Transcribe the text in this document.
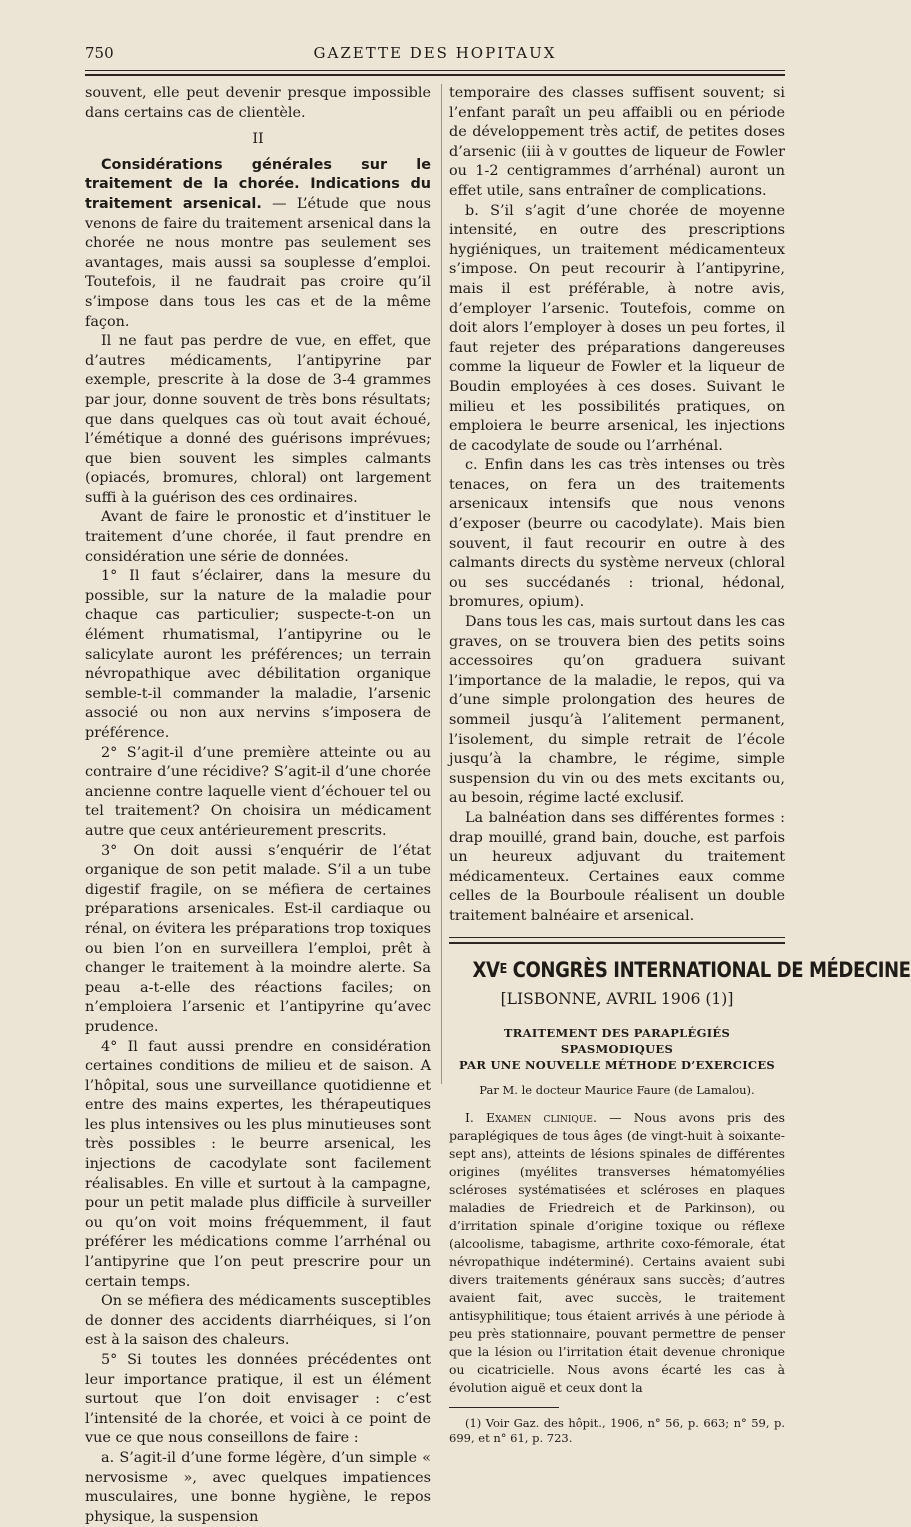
750	GAZETTE DES HOPITAUX

souvent, elle peut devenir presque impossible dans certains cas de clientèle.

II

Considérations générales sur le traitement de la chorée. Indications du traitement arsenical. — L’étude que nous venons de faire du traitement arsenical dans la chorée ne nous montre pas seulement ses avantages, mais aussi sa souplesse d’emploi. Toutefois, il ne faudrait pas croire qu’il s’impose dans tous les cas et de la même façon.

Il ne faut pas perdre de vue, en effet, que d’autres médicaments, l’antipyrine par exemple, prescrite à la dose de 3-4 grammes par jour, donne souvent de très bons résultats; que dans quelques cas où tout avait échoué, l’émétique a donné des guérisons imprévues; que bien souvent les simples calmants (opiacés, bromures, chloral) ont largement suffi à la guérison des ces ordinaires.

Avant de faire le pronostic et d’instituer le traitement d’une chorée, il faut prendre en considération une série de données.

1° Il faut s’éclairer, dans la mesure du possible, sur la nature de la maladie pour chaque cas particulier; suspecte-t-on un élément rhumatismal, l’antipyrine ou le salicylate auront les préférences; un terrain névropathique avec débilitation organique semble-t-il commander la maladie, l’arsenic associé ou non aux nervins s’imposera de préférence.

2° S’agit-il d’une première atteinte ou au contraire d’une récidive? S’agit-il d’une chorée ancienne contre laquelle vient d’échouer tel ou tel traitement? On choisira un médicament autre que ceux antérieurement prescrits.

3° On doit aussi s’enquérir de l’état organique de son petit malade. S’il a un tube digestif fragile, on se méfiera de certaines préparations arsenicales. Est-il cardiaque ou rénal, on évitera les préparations trop toxiques ou bien l’on en surveillera l’emploi, prêt à changer le traitement à la moindre alerte. Sa peau a-t-elle des réactions faciles; on n’emploiera l’arsenic et l’antipyrine qu’avec prudence.

4° Il faut aussi prendre en considération certaines conditions de milieu et de saison. A l’hôpital, sous une surveillance quotidienne et entre des mains expertes, les thérapeutiques les plus intensives ou les plus minutieuses sont très possibles : le beurre arsenical, les injections de cacodylate sont facilement réalisables. En ville et surtout à la campagne, pour un petit malade plus difficile à surveiller ou qu’on voit moins fréquemment, il faut préférer les médications comme l’arrhénal ou l’antipyrine que l’on peut prescrire pour un certain temps.

On se méfiera des médicaments susceptibles de donner des accidents diarrhéiques, si l’on est à la saison des chaleurs.

5° Si toutes les données précédentes ont leur importance pratique, il est un élément surtout que l’on doit envisager : c’est l’intensité de la chorée, et voici à ce point de vue ce que nous conseillons de faire :

a. S’agit-il d’une forme légère, d’un simple « nervosisme », avec quelques impatiences musculaires, une bonne hygiène, le repos physique, la suspension

temporaire des classes suffisent souvent; si l’enfant paraît un peu affaibli ou en période de développement très actif, de petites doses d’arsenic (iii à v gouttes de liqueur de Fowler ou 1-2 centigrammes d’arrhénal) auront un effet utile, sans entraîner de complications.

b. S’il s’agit d’une chorée de moyenne intensité, en outre des prescriptions hygiéniques, un traitement médicamenteux s’impose. On peut recourir à l’antipyrine, mais il est préférable, à notre avis, d’employer l’arsenic. Toutefois, comme on doit alors l’employer à doses un peu fortes, il faut rejeter des préparations dangereuses comme la liqueur de Fowler et la liqueur de Boudin employées à ces doses. Suivant le milieu et les possibilités pratiques, on emploiera le beurre arsenical, les injections de cacodylate de soude ou l’arrhénal.

c. Enfin dans les cas très intenses ou très tenaces, on fera un des traitements arsenicaux intensifs que nous venons d’exposer (beurre ou cacodylate). Mais bien souvent, il faut recourir en outre à des calmants directs du système nerveux (chloral ou ses succédanés : trional, hédonal, bromures, opium).

Dans tous les cas, mais surtout dans les cas graves, on se trouvera bien des petits soins accessoires qu’on graduera suivant l’importance de la maladie, le repos, qui va d’une simple prolongation des heures de sommeil jusqu’à l’alitement permanent, l’isolement, du simple retrait de l’école jusqu’à la chambre, le régime, simple suspension du vin ou des mets excitants ou, au besoin, régime lacté exclusif.

La balnéation dans ses différentes formes : drap mouillé, grand bain, douche, est parfois un heureux adjuvant du traitement médicamenteux. Certaines eaux comme celles de la Bourboule réalisent un double traitement balnéaire et arsenical.

$XV^E$ CONGRÈS INTERNATIONAL DE MÉDECINE
[LISBONNE, AVRIL 1906 (1)]
TRAITEMENT DES PARAPLÉGIÉS SPASMODIQUES
PAR UNE NOUVELLE MÉTHODE D’EXERCICES
Par M. le docteur Maurice Faure (de Lamalou).

I. Examen clinique. — Nous avons pris des paraplégiques de tous âges (de vingt-huit à soixante-sept ans), atteints de lésions spinales de différentes origines (myélites transverses hématomyélies scléroses systématisées et scléroses en plaques maladies de Friedreich et de Parkinson), ou d’irritation spinale d’origine toxique ou réflexe (alcoolisme, tabagisme, arthrite coxo-fémorale, état névropathique indéterminé). Certains avaient subi divers traitements généraux sans succès; d’autres avaient fait, avec succès, le traitement antisyphilitique; tous étaient arrivés à une période à peu près stationnaire, pouvant permettre de penser que la lésion ou l’irritation était devenue chronique ou cicatricielle. Nous avons écarté les cas à évolution aiguë et ceux dont la

(1) Voir Gaz. des hôpit., 1906, n° 56, p. 663; n° 59, p. 699, et n° 61, p. 723.
